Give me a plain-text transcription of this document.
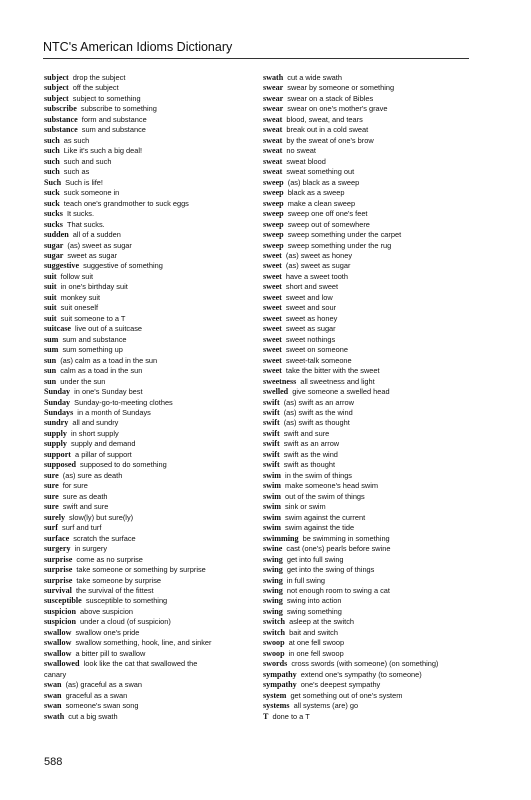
NTC's American Idioms Dictionary
subject drop the subject
subject off the subject
subject subject to something
subscribe subscribe to something
substance form and substance
substance sum and substance
such as such
such Like it's such a big deal!
such such and such
such such as
Such Such is life!
suck suck someone in
suck teach one's grandmother to suck eggs
sucks It sucks.
sucks That sucks.
sudden all of a sudden
sugar (as) sweet as sugar
sugar sweet as sugar
suggestive suggestive of something
suit follow suit
suit in one's birthday suit
suit monkey suit
suit suit oneself
suit suit someone to a T
suitcase live out of a suitcase
sum sum and substance
sum sum something up
sun (as) calm as a toad in the sun
sun calm as a toad in the sun
sun under the sun
Sunday in one's Sunday best
Sunday Sunday-go-to-meeting clothes
Sundays in a month of Sundays
sundry all and sundry
supply in short supply
supply supply and demand
support a pillar of support
supposed supposed to do something
sure (as) sure as death
sure for sure
sure sure as death
sure swift and sure
surely slow(ly) but sure(ly)
surf surf and turf
surface scratch the surface
surgery in surgery
surprise come as no surprise
surprise take someone or something by surprise
surprise take someone by surprise
survival the survival of the fittest
susceptible susceptible to something
suspicion above suspicion
suspicion under a cloud (of suspicion)
swallow swallow one's pride
swallow swallow something, hook, line, and sinker
swallow a bitter pill to swallow
swallowed look like the cat that swallowed the
canary
swan (as) graceful as a swan
swan graceful as a swan
swan someone's swan song
swath cut a big swath
swath cut a wide swath
swear swear by someone or something
swear swear on a stack of Bibles
swear swear on one's mother's grave
sweat blood, sweat, and tears
sweat break out in a cold sweat
sweat by the sweat of one's brow
sweat no sweat
sweat sweat blood
sweat sweat something out
sweep (as) black as a sweep
sweep black as a sweep
sweep make a clean sweep
sweep sweep one off one's feet
sweep sweep out of somewhere
sweep sweep something under the carpet
sweep sweep something under the rug
sweet (as) sweet as honey
sweet (as) sweet as sugar
sweet have a sweet tooth
sweet short and sweet
sweet sweet and low
sweet sweet and sour
sweet sweet as honey
sweet sweet as sugar
sweet sweet nothings
sweet sweet on someone
sweet sweet-talk someone
sweet take the bitter with the sweet
sweetness all sweetness and light
swelled give someone a swelled head
swift (as) swift as an arrow
swift (as) swift as the wind
swift (as) swift as thought
swift swift and sure
swift swift as an arrow
swift swift as the wind
swift swift as thought
swim in the swim of things
swim make someone's head swim
swim out of the swim of things
swim sink or swim
swim swim against the current
swim swim against the tide
swimming be swimming in something
swine cast (one's) pearls before swine
swing get into full swing
swing get into the swing of things
swing in full swing
swing not enough room to swing a cat
swing swing into action
swing swing something
switch asleep at the switch
switch bait and switch
swoop at one fell swoop
swoop in one fell swoop
swords cross swords (with someone) (on something)
sympathy extend one's sympathy (to someone)
sympathy one's deepest sympathy
system get something out of one's system
systems all systems (are) go
T done to a T
588
